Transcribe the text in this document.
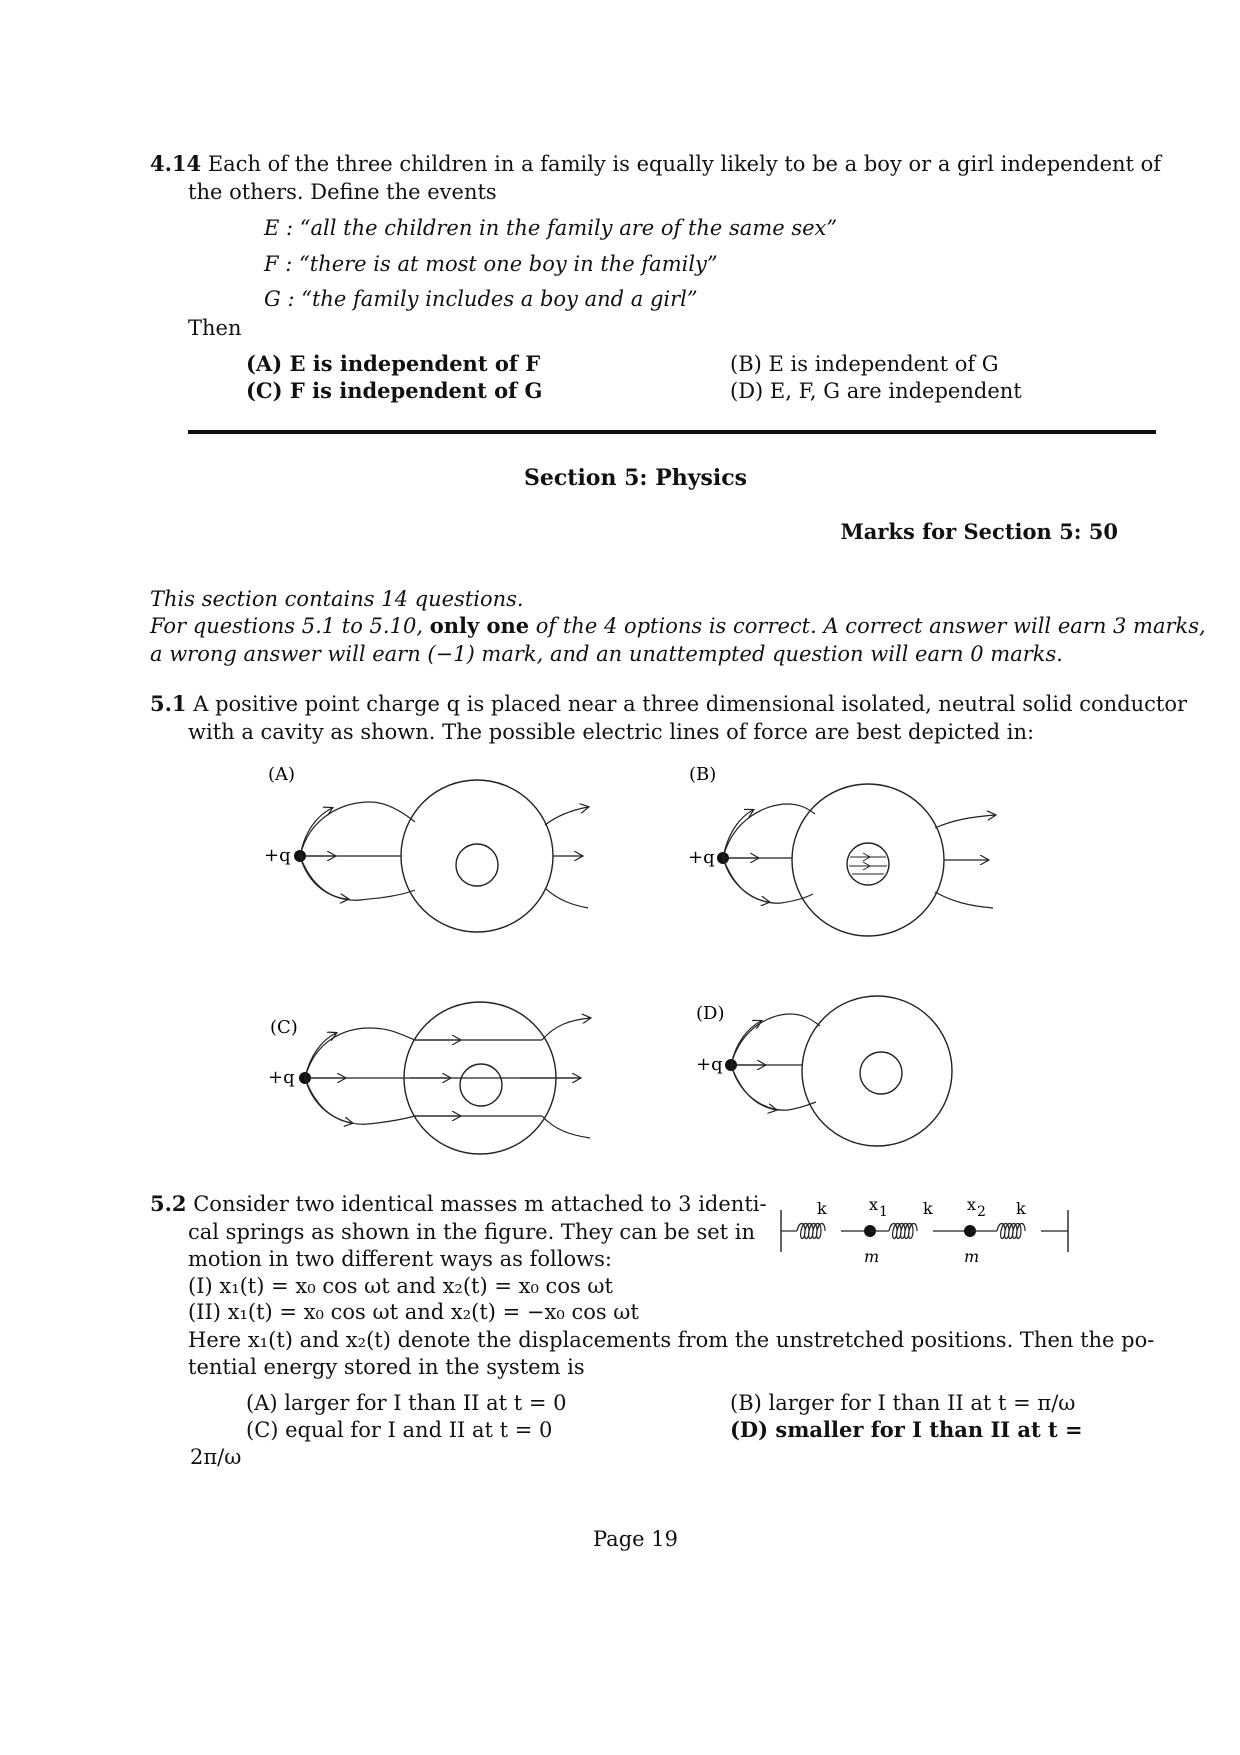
4.14 Each of the three children in a family is equally likely to be a boy or a girl independent of
the others. Define the events
E : “all the children in the family are of the same sex”
F : “there is at most one boy in the family”
G : “the family includes a boy and a girl”
Then
(A) E is independent of F	(B) E is independent of G
(C) F is independent of G	(D) E, F, G are independent
Section 5: Physics
Marks for Section 5: 50
This section contains 14 questions.
For questions 5.1 to 5.10, only one of the 4 options is correct. A correct answer will earn 3 marks,
a wrong answer will earn (−1) mark, and an unattempted question will earn 0 marks.
5.1 A positive point charge q is placed near a three dimensional isolated, neutral solid conductor
with a cavity as shown. The possible electric lines of force are best depicted in:
(A)
+q
(B)
+q
(C)
+q
(D)
+q
5.2 Consider two identical masses m attached to 3 identi-
cal springs as shown in the figure. They can be set in
motion in two different ways as follows:
(I) x₁(t) = x₀ cos ωt and x₂(t) = x₀ cos ωt
(II) x₁(t) = x₀ cos ωt and x₂(t) = −x₀ cos ωt
Here x₁(t) and x₂(t) denote the displacements from the unstretched positions. Then the po-
tential energy stored in the system is
k	k	k
x1	x2
m	m
(A) larger for I than II at t = 0	(B) larger for I than II at t = π/ω
(C) equal for I and II at t = 0	(D) smaller for I than II at t =
2π/ω
Page 19
